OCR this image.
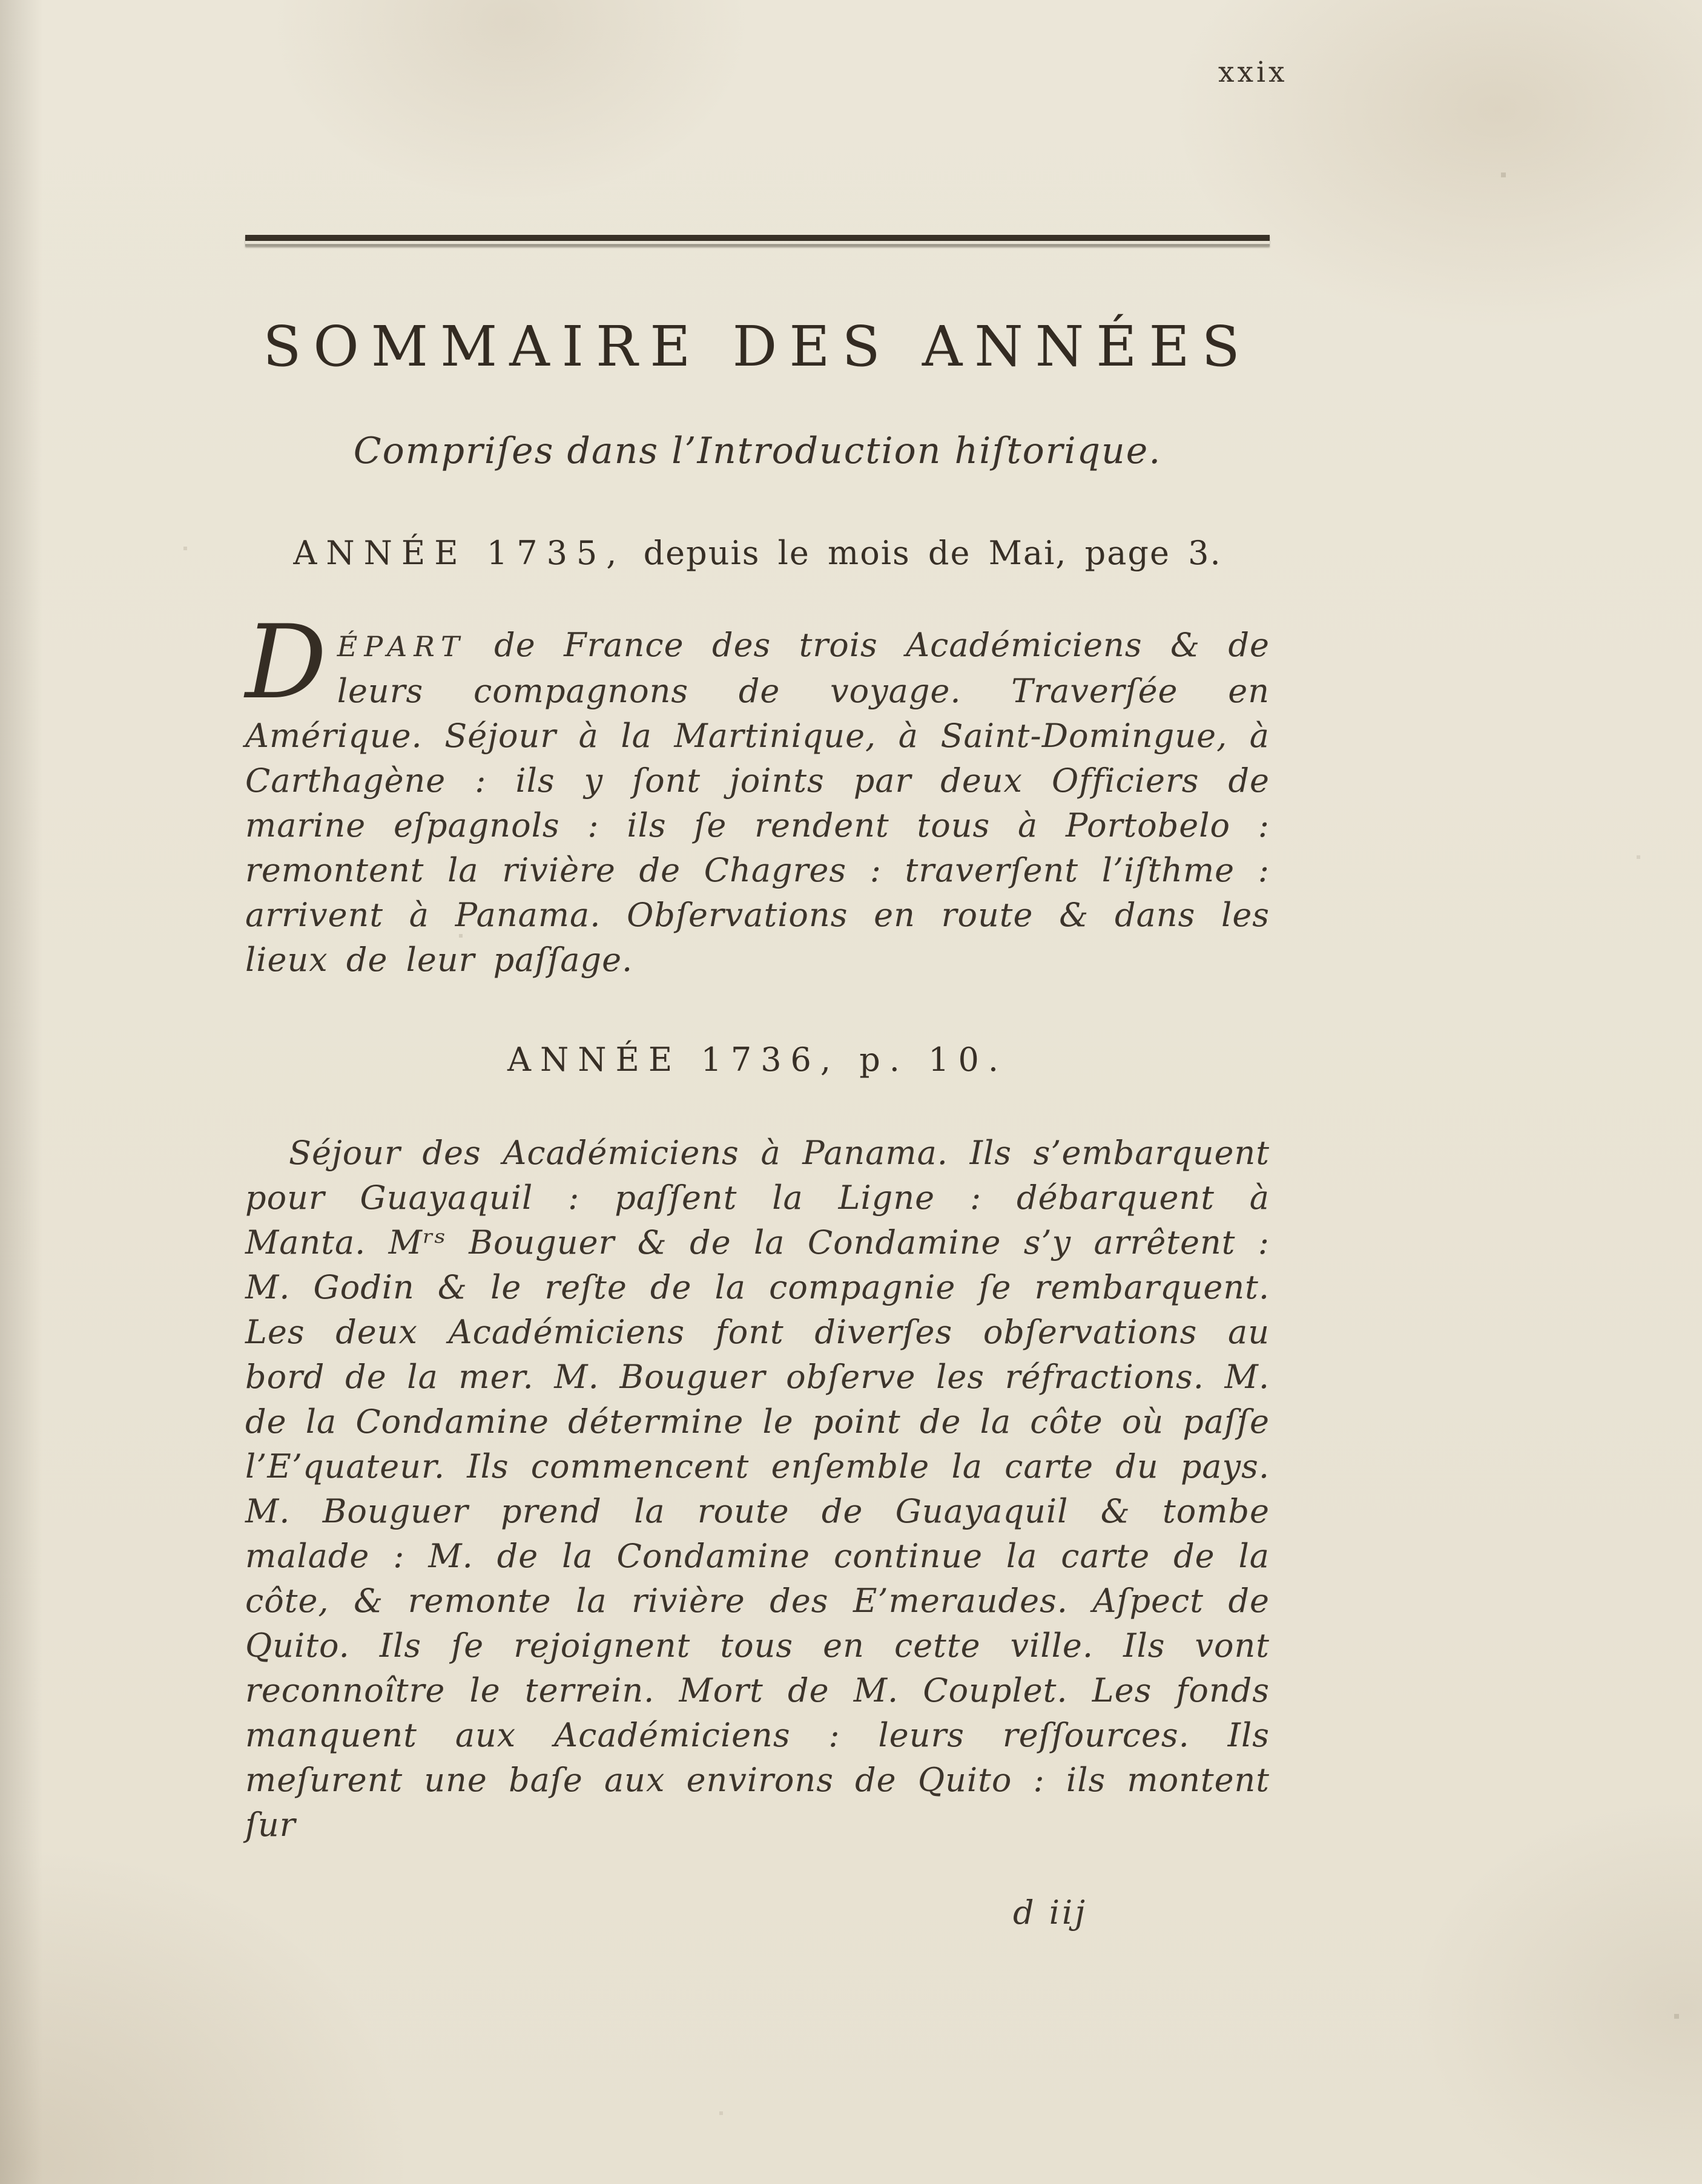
xxix
SOMMAIRE DES ANNÉES
Compriſes dans l’Introduction hiſtorique.
ANNÉE 1735, depuis le mois de Mai, page 3.

DÉPART de France des trois Académiciens & de leurs compagnons de voyage. Traverſée en Amérique. Séjour à la Martinique, à Saint-Domingue, à Carthagène : ils y ſont joints par deux Officiers de marine eſpagnols : ils ſe rendent tous à Portobelo : remontent la rivière de Chagres : traverſent l’iſthme : arrivent à Panama. Obſervations en route & dans les lieux de leur paſſage.

ANNÉE 1736, p. 10.

Séjour des Académiciens à Panama. Ils s’embarquent pour Guayaquil : paſſent la Ligne : débarquent à Manta. Mʳˢ Bouguer & de la Condamine s’y arrêtent : M. Godin & le reſte de la compagnie ſe rembarquent. Les deux Académiciens font diverſes obſervations au bord de la mer. M. Bouguer obſerve les réfractions. M. de la Condamine détermine le point de la côte où paſſe l’E’quateur. Ils commencent enſemble la carte du pays. M. Bouguer prend la route de Guayaquil & tombe malade : M. de la Condamine continue la carte de la côte, & remonte la rivière des E’meraudes. Aſpect de Quito. Ils ſe rejoignent tous en cette ville. Ils vont reconnoître le terrein. Mort de M. Couplet. Les fonds manquent aux Académiciens : leurs reſſources. Ils meſurent une baſe aux environs de Quito : ils montent ſur

d iij
